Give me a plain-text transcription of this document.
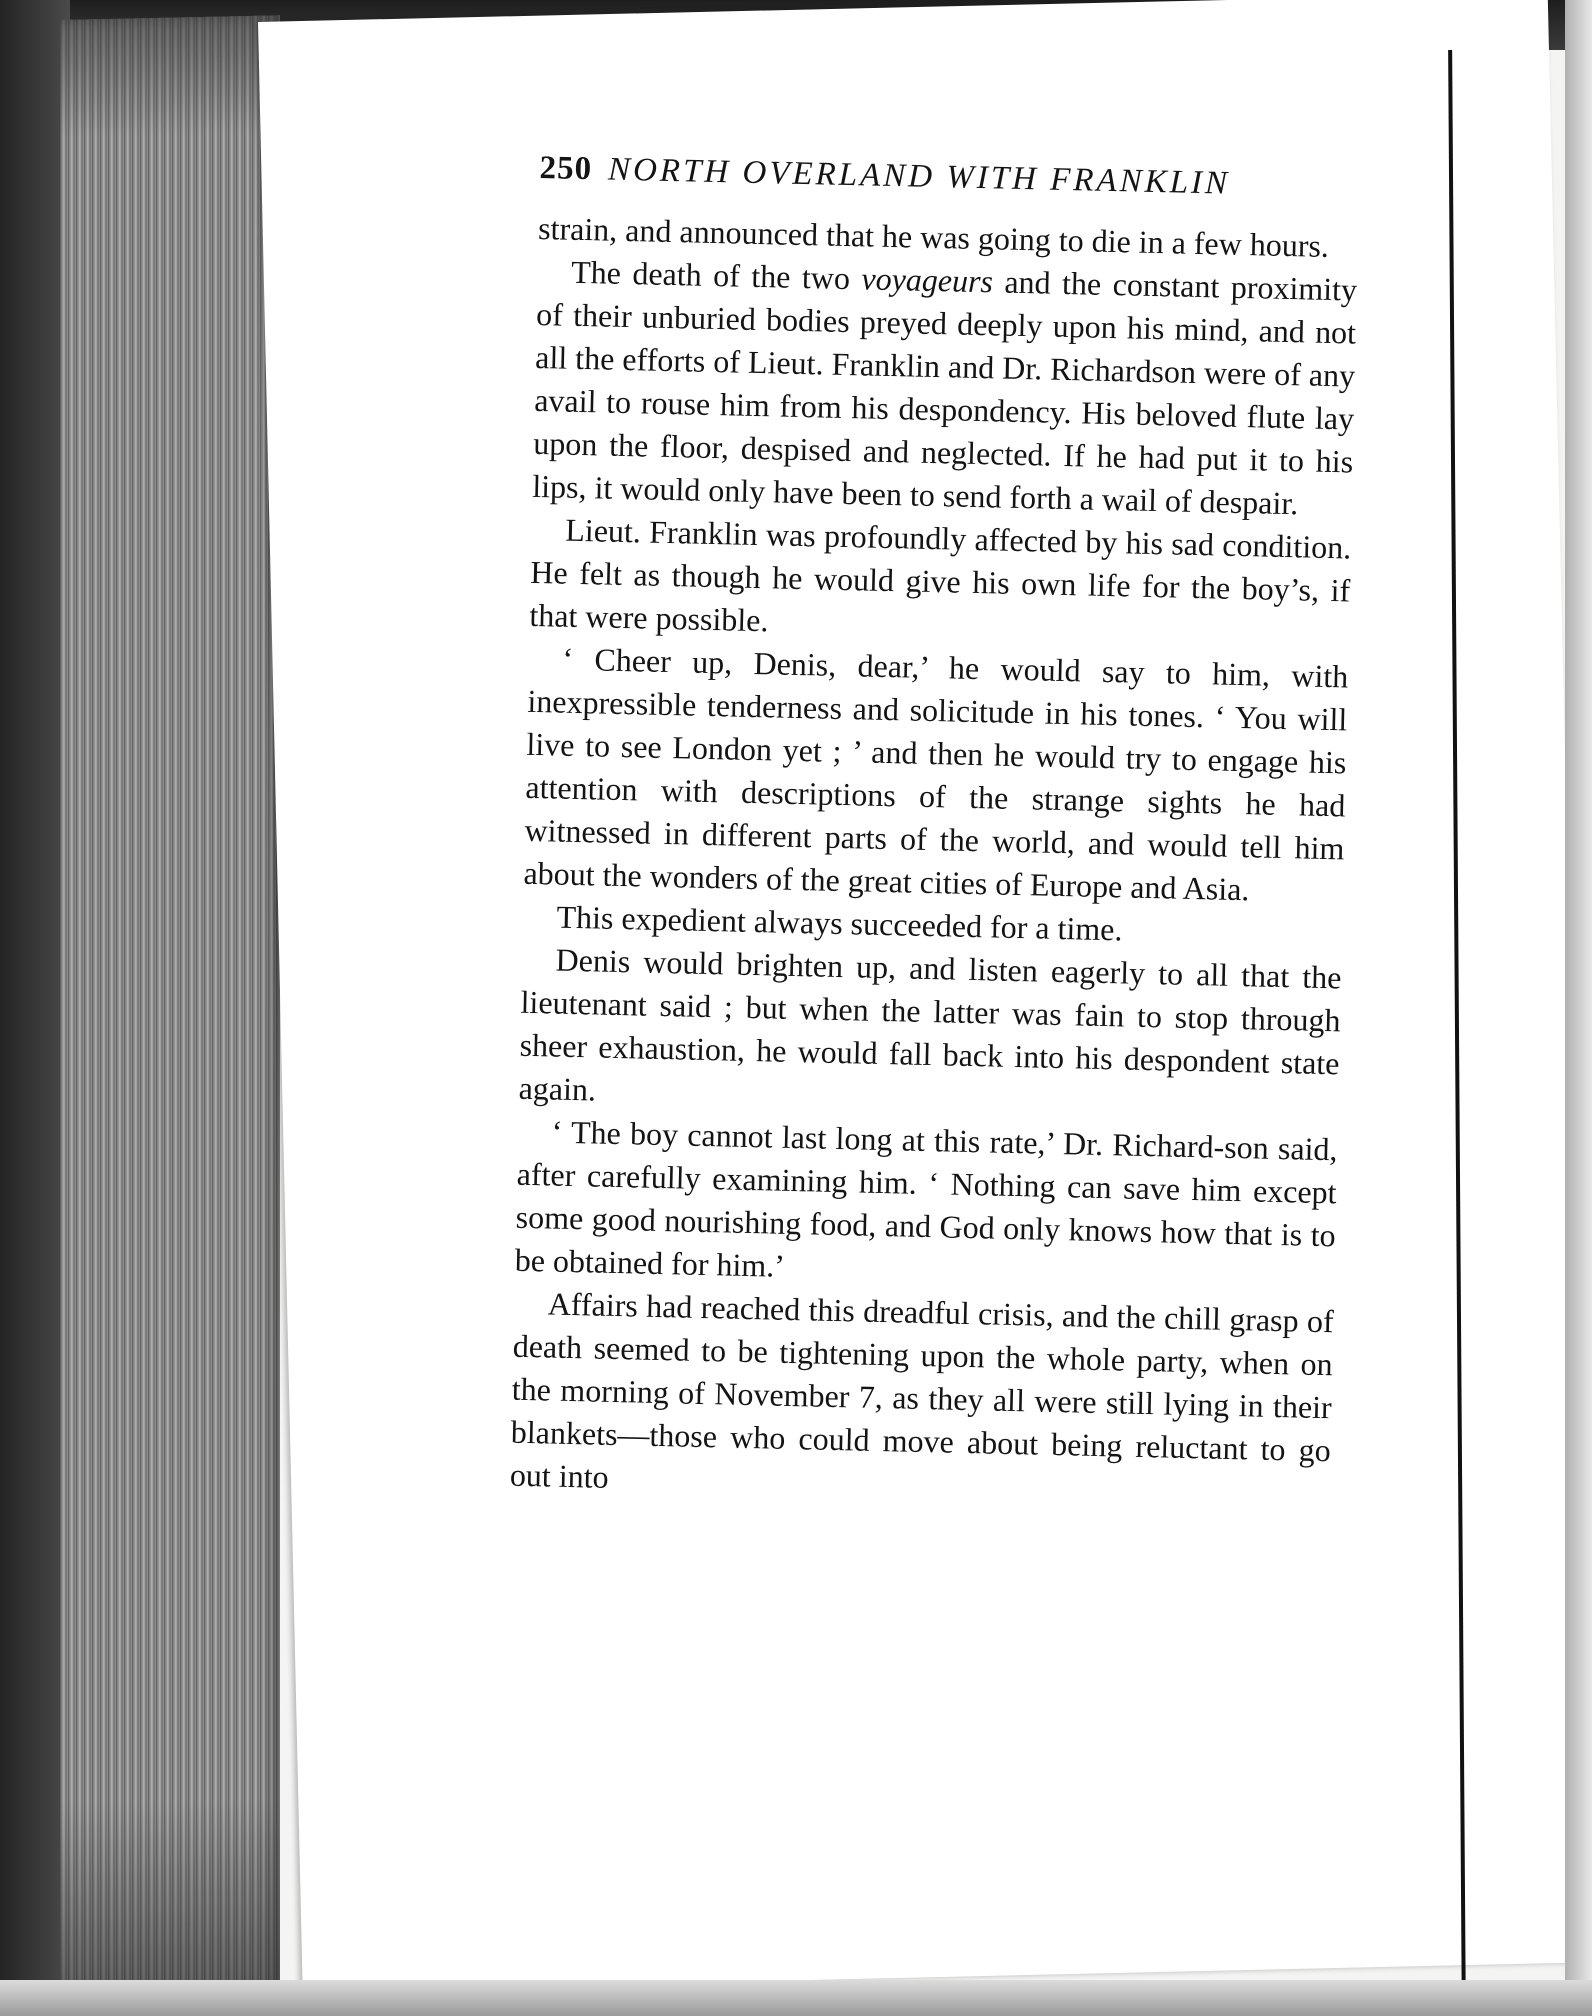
250 NORTH OVERLAND WITH FRANKLIN

strain, and announced that he was going to die in a few hours.

The death of the two voyageurs and the constant proximity of their unburied bodies preyed deeply upon his mind, and not all the efforts of Lieut. Franklin and Dr. Richardson were of any avail to rouse him from his despondency. His beloved flute lay upon the floor, despised and neglected. If he had put it to his lips, it would only have been to send forth a wail of despair.

Lieut. Franklin was profoundly affected by his sad condition. He felt as though he would give his own life for the boy’s, if that were possible.

‘ Cheer up, Denis, dear,’ he would say to him, with inexpressible tenderness and solicitude in his tones. ‘ You will live to see London yet ; ’ and then he would try to engage his attention with descriptions of the strange sights he had witnessed in different parts of the world, and would tell him about the wonders of the great cities of Europe and Asia.

This expedient always succeeded for a time.

Denis would brighten up, and listen eagerly to all that the lieutenant said ; but when the latter was fain to stop through sheer exhaustion, he would fall back into his despondent state again.

‘ The boy cannot last long at this rate,’ Dr. Richard-son said, after carefully examining him. ‘ Nothing can save him except some good nourishing food, and God only knows how that is to be obtained for him.’

Affairs had reached this dreadful crisis, and the chill grasp of death seemed to be tightening upon the whole party, when on the morning of November 7, as they all were still lying in their blankets—those who could move about being reluctant to go out into
